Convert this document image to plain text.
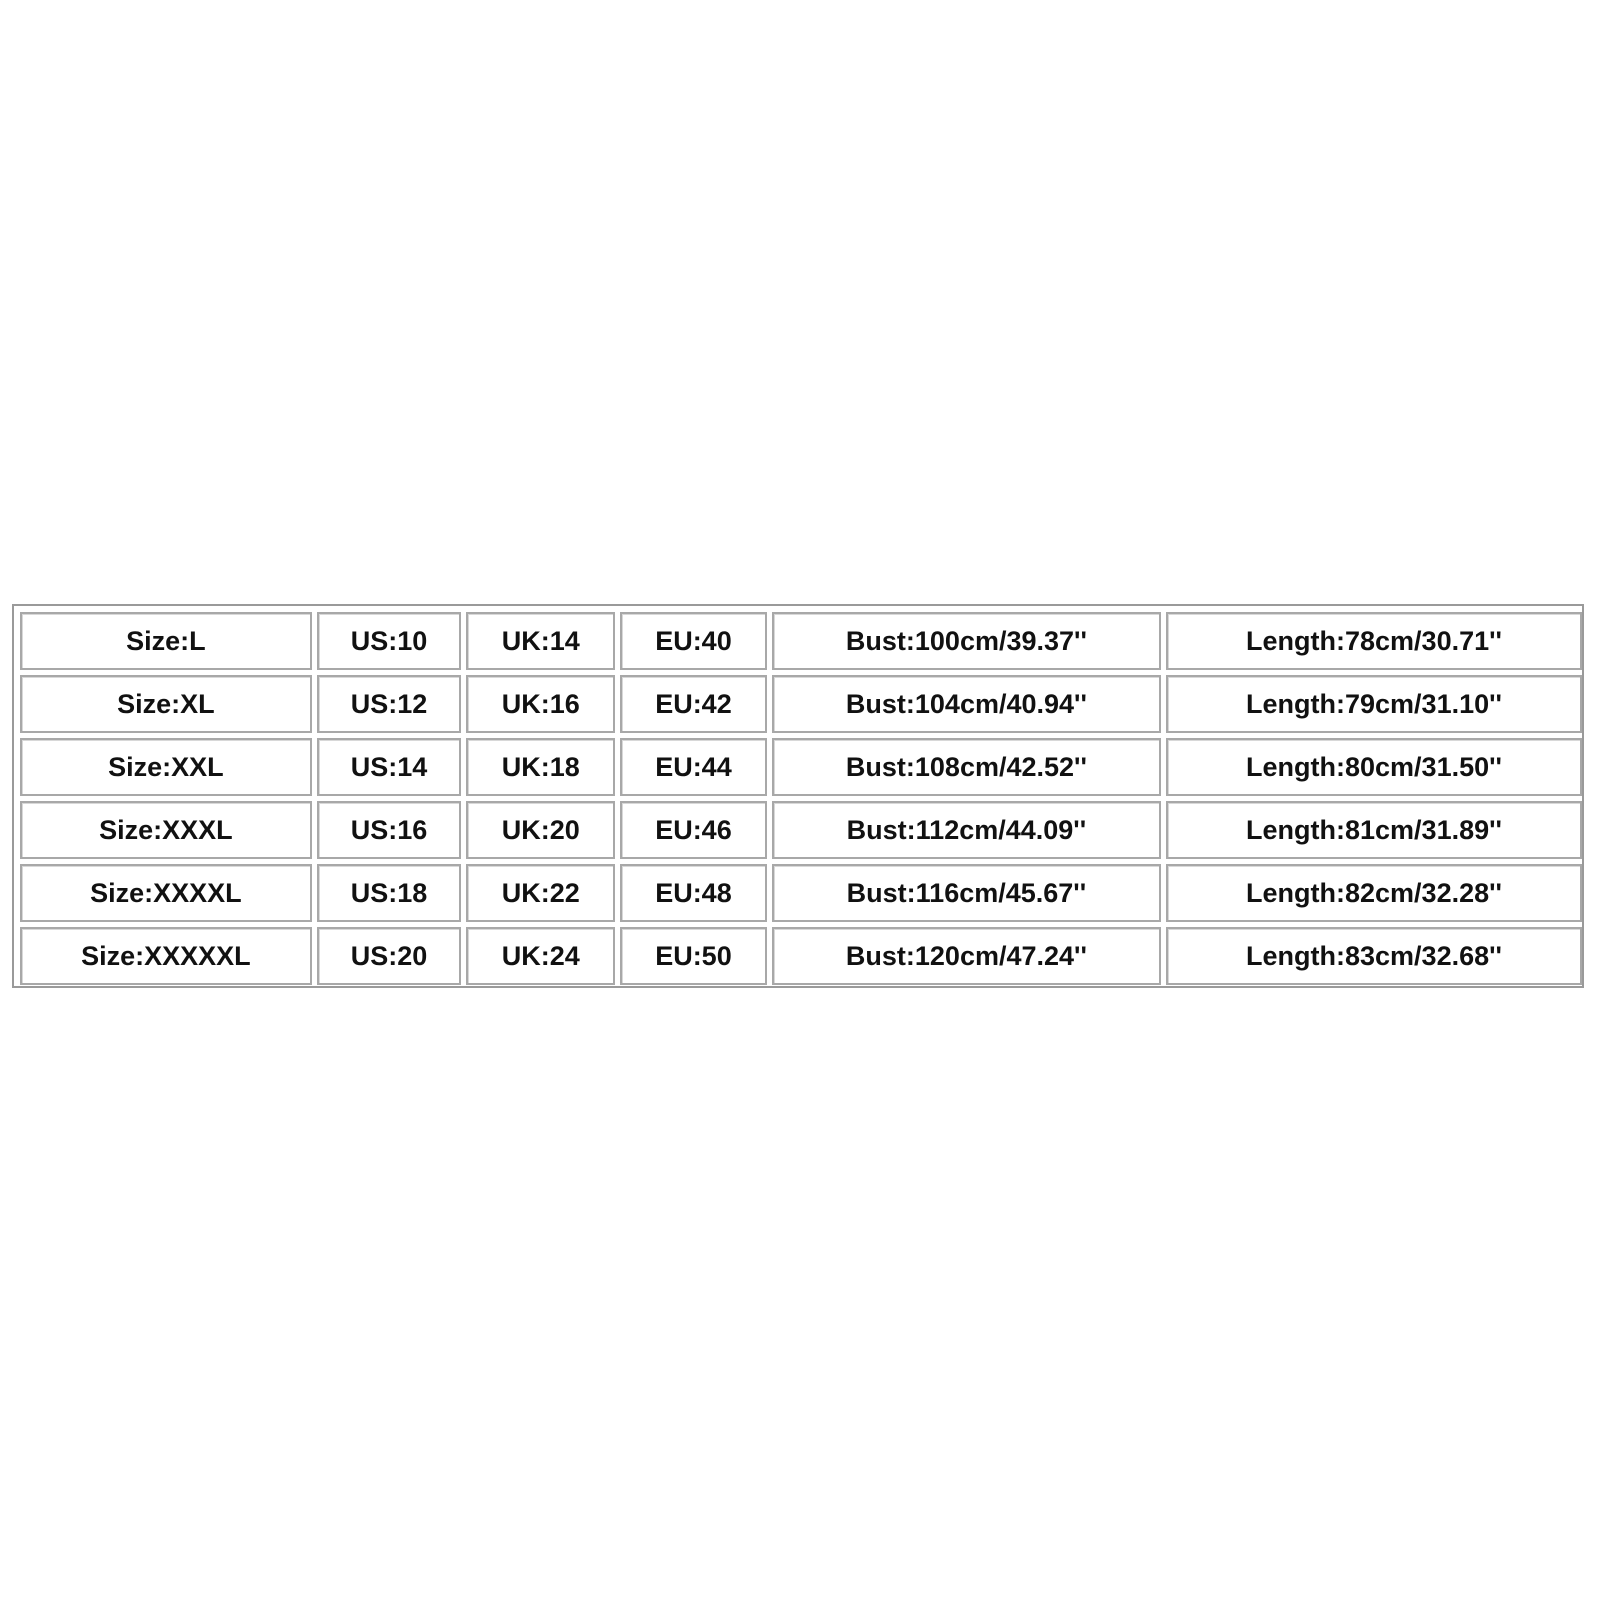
Size:L	US:10	UK:14	EU:40	Bust:100cm/39.37''	Length:78cm/30.71''
Size:XL	US:12	UK:16	EU:42	Bust:104cm/40.94''	Length:79cm/31.10''
Size:XXL	US:14	UK:18	EU:44	Bust:108cm/42.52''	Length:80cm/31.50''
Size:XXXL	US:16	UK:20	EU:46	Bust:112cm/44.09''	Length:81cm/31.89''
Size:XXXXL	US:18	UK:22	EU:48	Bust:116cm/45.67''	Length:82cm/32.28''
Size:XXXXXL	US:20	UK:24	EU:50	Bust:120cm/47.24''	Length:83cm/32.68''
